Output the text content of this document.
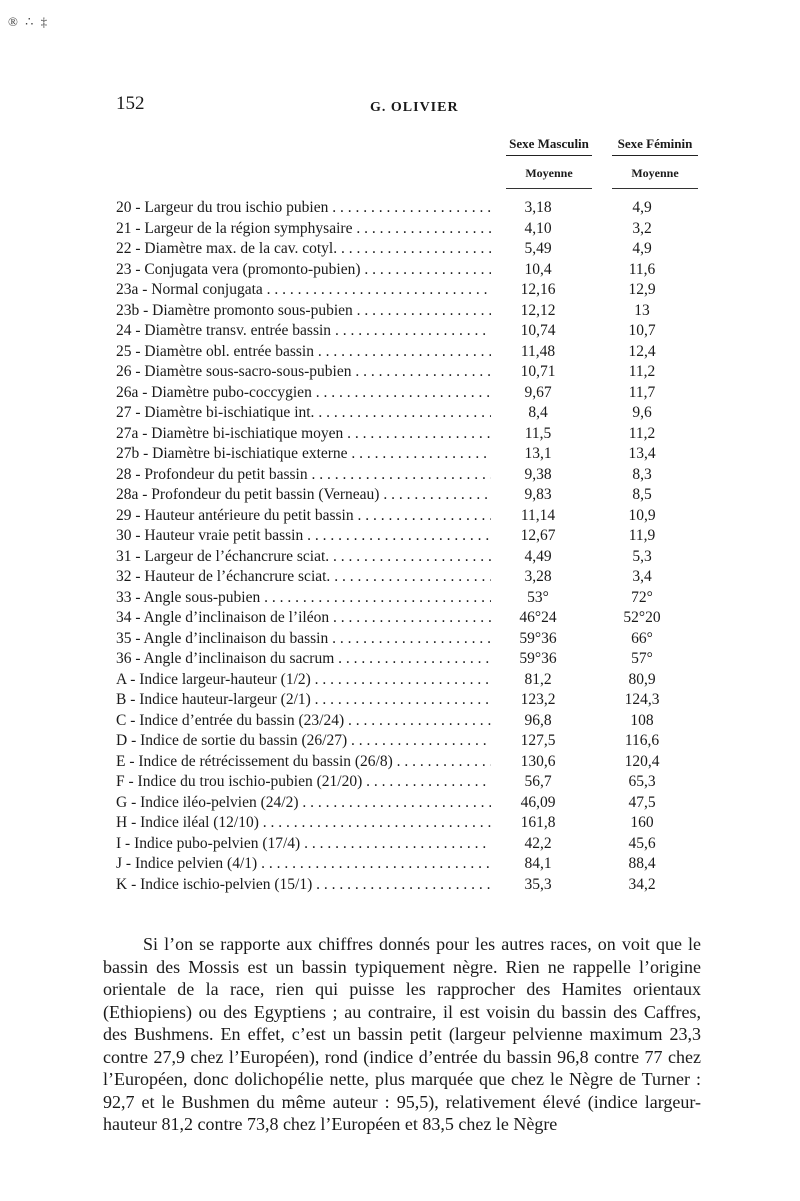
® ∴ ‡
152	G. OLIVIER
Sexe Masculin	Sexe Féminin
Moyenne	Moyenne
20 - Largeur du trou ischio pubien . . .	3,18	4,9
21 - Largeur de la région symphysaire . . .	4,10	3,2
22 - Diamètre max. de la cav. cotyl. . . .	5,49	4,9
23 - Conjugata vera (promonto-pubien) . . .	10,4	11,6
23a - Normal conjugata . . .	12,16	12,9
23b - Diamètre promonto sous-pubien . . .	12,12	13
24 - Diamètre transv. entrée bassin . . .	10,74	10,7
25 - Diamètre obl. entrée bassin . . .	11,48	12,4
26 - Diamètre sous-sacro-sous-pubien . . .	10,71	11,2
26a - Diamètre pubo-coccygien . . .	9,67	11,7
27 - Diamètre bi-ischiatique int. . . .	8,4	9,6
27a - Diamètre bi-ischiatique moyen . . .	11,5	11,2
27b - Diamètre bi-ischiatique externe . . .	13,1	13,4
28 - Profondeur du petit bassin . . .	9,38	8,3
28a - Profondeur du petit bassin (Verneau) . . .	9,83	8,5
29 - Hauteur antérieure du petit bassin . . .	11,14	10,9
30 - Hauteur vraie petit bassin . . .	12,67	11,9
31 - Largeur de l’échancrure sciat. . . .	4,49	5,3
32 - Hauteur de l’échancrure sciat. . . .	3,28	3,4
33 - Angle sous-pubien . . .	53°	72°
34 - Angle d’inclinaison de l’iléon . . .	46°24	52°20
35 - Angle d’inclinaison du bassin . . .	59°36	66°
36 - Angle d’inclinaison du sacrum . . .	59°36	57°
A - Indice largeur-hauteur (1/2) . . .	81,2	80,9
B - Indice hauteur-largeur (2/1) . . .	123,2	124,3
C - Indice d’entrée du bassin (23/24) . . .	96,8	108
D - Indice de sortie du bassin (26/27) . . .	127,5	116,6
E - Indice de rétrécissement du bassin (26/8) . . .	130,6	120,4
F - Indice du trou ischio-pubien (21/20) . . .	56,7	65,3
G - Indice iléo-pelvien (24/2) . . .	46,09	47,5
H - Indice iléal (12/10) . . .	161,8	160
I - Indice pubo-pelvien (17/4) . . .	42,2	45,6
J - Indice pelvien (4/1) . . .	84,1	88,4
K - Indice ischio-pelvien (15/1) . . .	35,3	34,2

Si l’on se rapporte aux chiffres donnés pour les autres races, on voit que le bassin des Mossis est un bassin typiquement nègre. Rien ne rappelle l’origine orientale de la race, rien qui puisse les rapprocher des Hamites orientaux (Ethiopiens) ou des Egyptiens ; au contraire, il est voisin du bassin des Caffres, des Bushmens. En effet, c’est un bassin petit (largeur pelvienne maximum 23,3 contre 27,9 chez l’Européen), rond (indice d’entrée du bassin 96,8 contre 77 chez l’Européen, donc dolichopélie nette, plus marquée que chez le Nègre de Turner : 92,7 et le Bushmen du même auteur : 95,5), relativement élevé (indice largeur-hauteur 81,2 contre 73,8 chez l’Européen et 83,5 chez le Nègre
